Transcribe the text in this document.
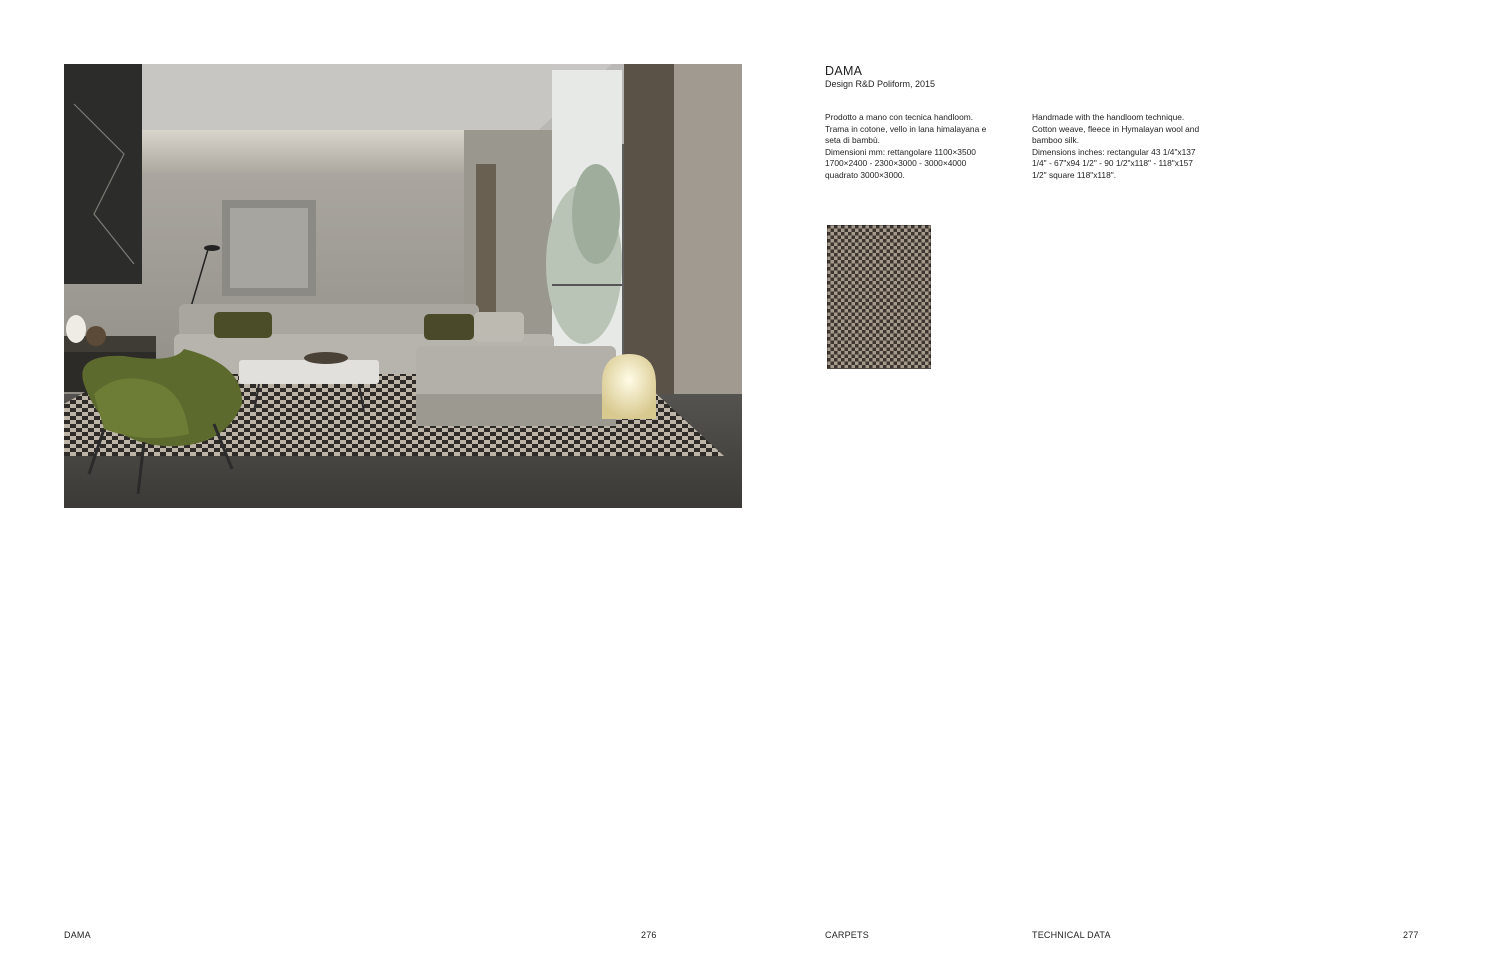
DAMA
Design R&D Poliform, 2015

Prodotto a mano con tecnica handloom.
Trama in cotone, vello in lana himalayana e
seta di bambù.
Dimensioni mm: rettangolare 1100×3500
1700×2400 - 2300×3000 - 3000×4000
quadrato 3000×3000.

Handmade with the handloom technique.
Cotton weave, fleece in Hymalayan wool and
bamboo silk.
Dimensions inches: rectangular 43 1/4"x137
1/4" - 67"x94 1/2" - 90 1/2"x118" - 118"x157
1/2" square 118"x118".

DAMA	276	CARPETS	TECHNICAL DATA	277
